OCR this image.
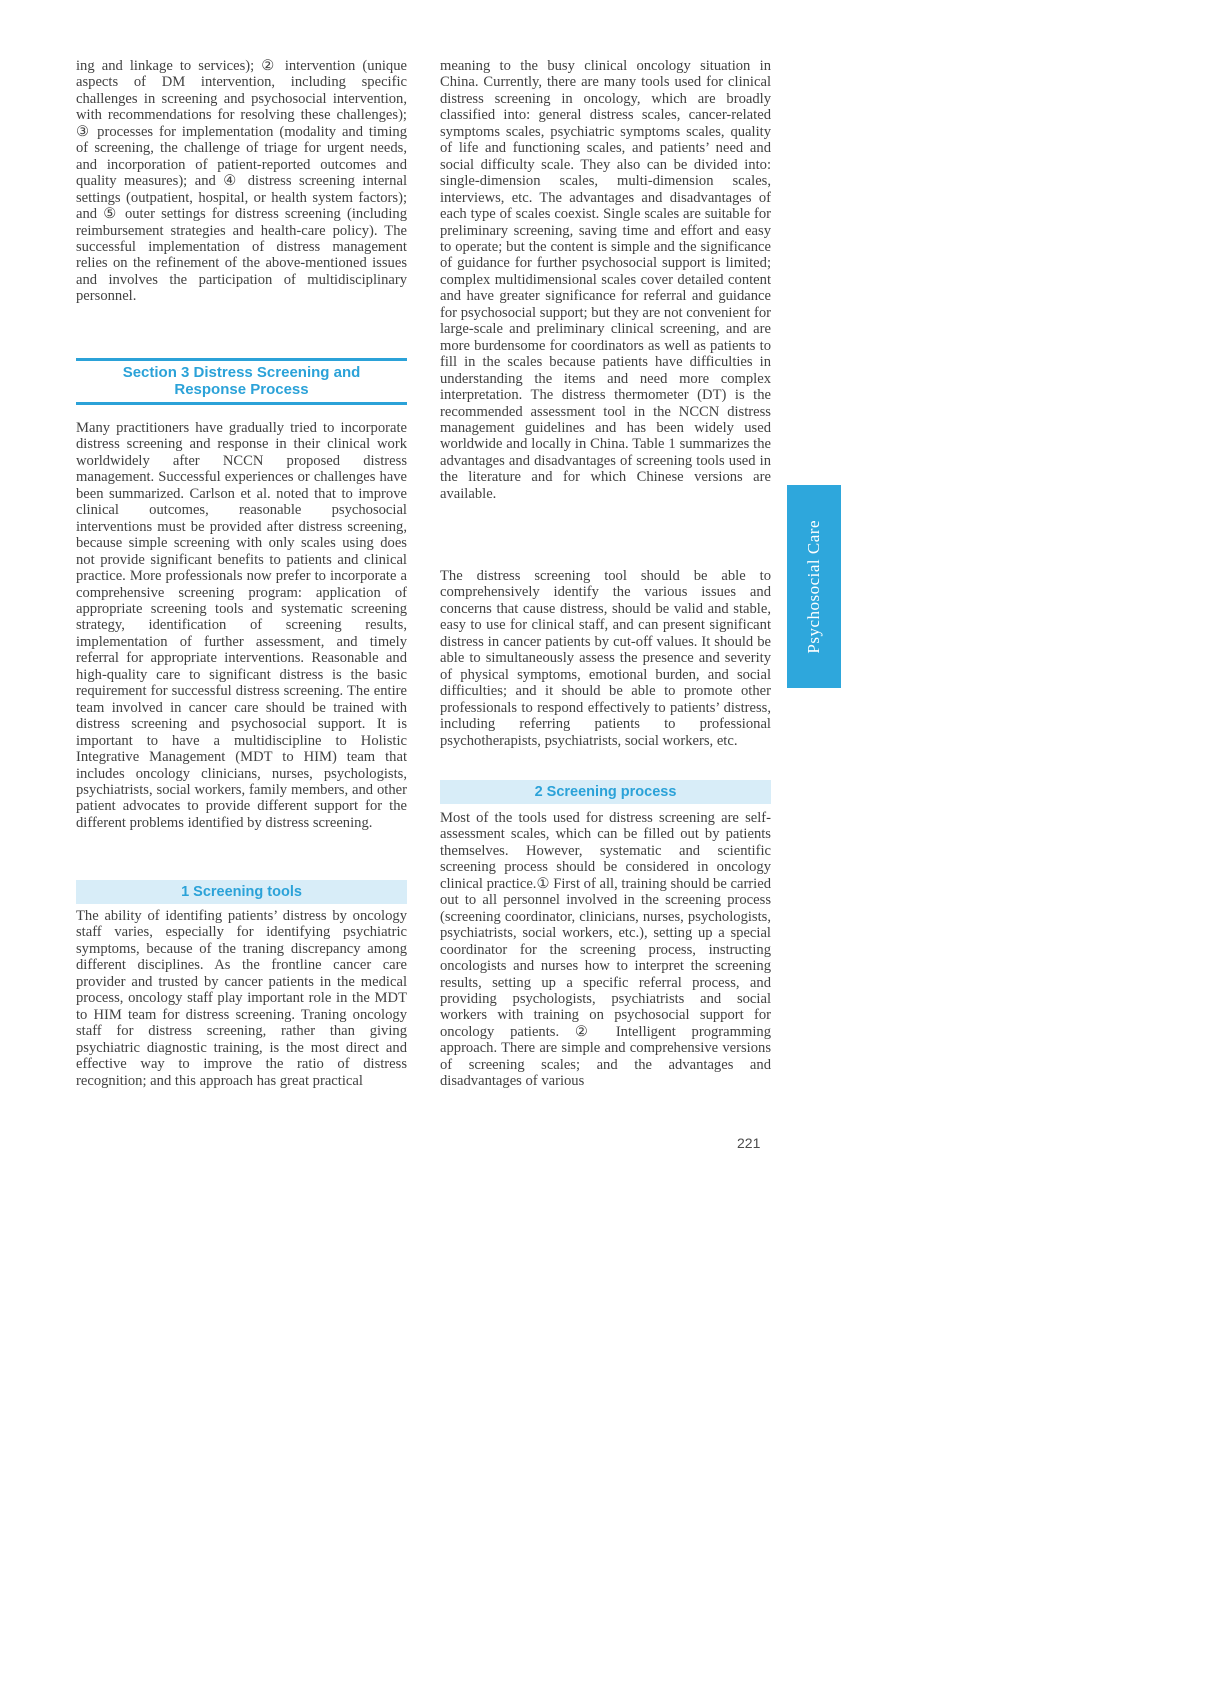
ing and linkage to services); ② intervention (unique aspects of DM intervention, including specific challenges in screening and psychosocial intervention, with recommendations for resolving these challenges); ③ processes for implementation (modality and timing of screening, the challenge of triage for urgent needs, and incorporation of patient-reported outcomes and quality measures); and ④ distress screening internal settings (outpatient, hospital, or health system factors); and ⑤ outer settings for distress screening (including reimbursement strategies and health-care policy). The successful implementation of distress management relies on the refinement of the above-mentioned issues and involves the participation of multidisciplinary personnel.

Section 3 Distress Screening and
Response Process

Many practitioners have gradually tried to incorporate distress screening and response in their clinical work worldwidely after NCCN proposed distress management. Successful experiences or challenges have been summarized. Carlson et al. noted that to improve clinical outcomes, reasonable psychosocial interventions must be provided after distress screening, because simple screening with only scales using does not provide significant benefits to patients and clinical practice. More professionals now prefer to incorporate a comprehensive screening program: application of appropriate screening tools and systematic screening strategy, identification of screening results, implementation of further assessment, and timely referral for appropriate interventions. Reasonable and high-quality care to significant distress is the basic requirement for successful distress screening. The entire team involved in cancer care should be trained with distress screening and psychosocial support. It is important to have a multidiscipline to Holistic Integrative Management (MDT to HIM) team that includes oncology clinicians, nurses, psychologists, psychiatrists, social workers, family members, and other patient advocates to provide different support for the different problems identified by distress screening.

1 Screening tools

The ability of identifing patients’ distress by oncology staff varies, especially for identifying psychiatric symptoms, because of the traning discrepancy among different disciplines. As the frontline cancer care provider and trusted by cancer patients in the medical process, oncology staff play important role in the MDT to HIM team for distress screening. Traning oncology staff for distress screening, rather than giving psychiatric diagnostic training, is the most direct and effective way to improve the ratio of distress recognition; and this approach has great practical

meaning to the busy clinical oncology situation in China. Currently, there are many tools used for clinical distress screening in oncology, which are broadly classified into: general distress scales, cancer-related symptoms scales, psychiatric symptoms scales, quality of life and functioning scales, and patients’ need and social difficulty scale. They also can be divided into: single-dimension scales, multi-dimension scales, interviews, etc. The advantages and disadvantages of each type of scales coexist. Single scales are suitable for preliminary screening, saving time and effort and easy to operate; but the content is simple and the significance of guidance for further psychosocial support is limited; complex multidimensional scales cover detailed content and have greater significance for referral and guidance for psychosocial support; but they are not convenient for large-scale and preliminary clinical screening, and are more burdensome for coordinators as well as patients to fill in the scales because patients have difficulties in understanding the items and need more complex interpretation. The distress thermometer (DT) is the recommended assessment tool in the NCCN distress management guidelines and has been widely used worldwide and locally in China. Table 1 summarizes the advantages and disadvantages of screening tools used in the literature and for which Chinese versions are available.

The distress screening tool should be able to comprehensively identify the various issues and concerns that cause distress, should be valid and stable, easy to use for clinical staff, and can present significant distress in cancer patients by cut-off values. It should be able to simultaneously assess the presence and severity of physical symptoms, emotional burden, and social difficulties; and it should be able to promote other professionals to respond effectively to patients’ distress, including referring patients to professional psychotherapists, psychiatrists, social workers, etc.

2 Screening process

Most of the tools used for distress screening are self-assessment scales, which can be filled out by patients themselves. However, systematic and scientific screening process should be considered in oncology clinical practice.① First of all, training should be carried out to all personnel involved in the screening process (screening coordinator, clinicians, nurses, psychologists, psychiatrists, social workers, etc.), setting up a special coordinator for the screening process, instructing oncologists and nurses how to interpret the screening results, setting up a specific referral process, and providing psychologists, psychiatrists and social workers with training on psychosocial support for oncology patients. ② Intelligent programming approach. There are simple and comprehensive versions of screening scales; and the advantages and disadvantages of various

Psychosocial Care
221
